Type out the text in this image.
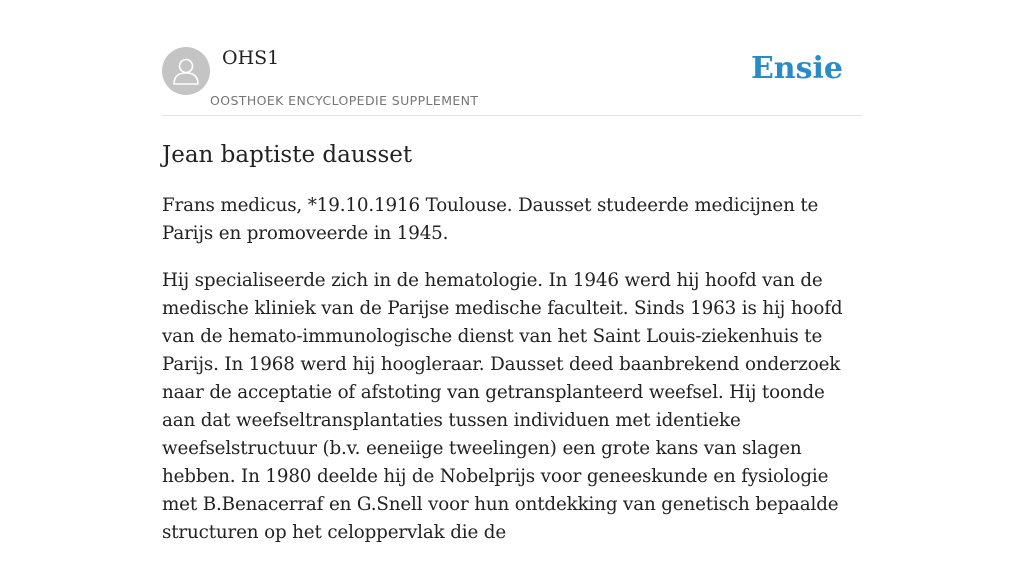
OHS1
OOSTHOEK ENCYCLOPEDIE SUPPLEMENT
Ensie
Jean baptiste dausset

Frans medicus, *19.10.1916 Toulouse. Dausset studeerde medicijnen te Parijs en promoveerde in 1945.

Hij specialiseerde zich in de hematologie. In 1946 werd hij hoofd van de medische kliniek van de Parijse medische faculteit. Sinds 1963 is hij hoofd van de hemato-immunologische dienst van het Saint Louis-ziekenhuis te Parijs. In 1968 werd hij hoogleraar. Dausset deed baanbrekend onderzoek naar de acceptatie of afstoting van getransplanteerd weefsel. Hij toonde aan dat weefseltransplantaties tussen individuen met identieke weefselstructuur (b.v. eeneiige tweelingen) een grote kans van slagen hebben. In 1980 deelde hij de Nobelprijs voor geneeskunde en fysiologie met B.Benacerraf en G.Snell voor hun ontdekking van genetisch bepaalde structuren op het celoppervlak die de
